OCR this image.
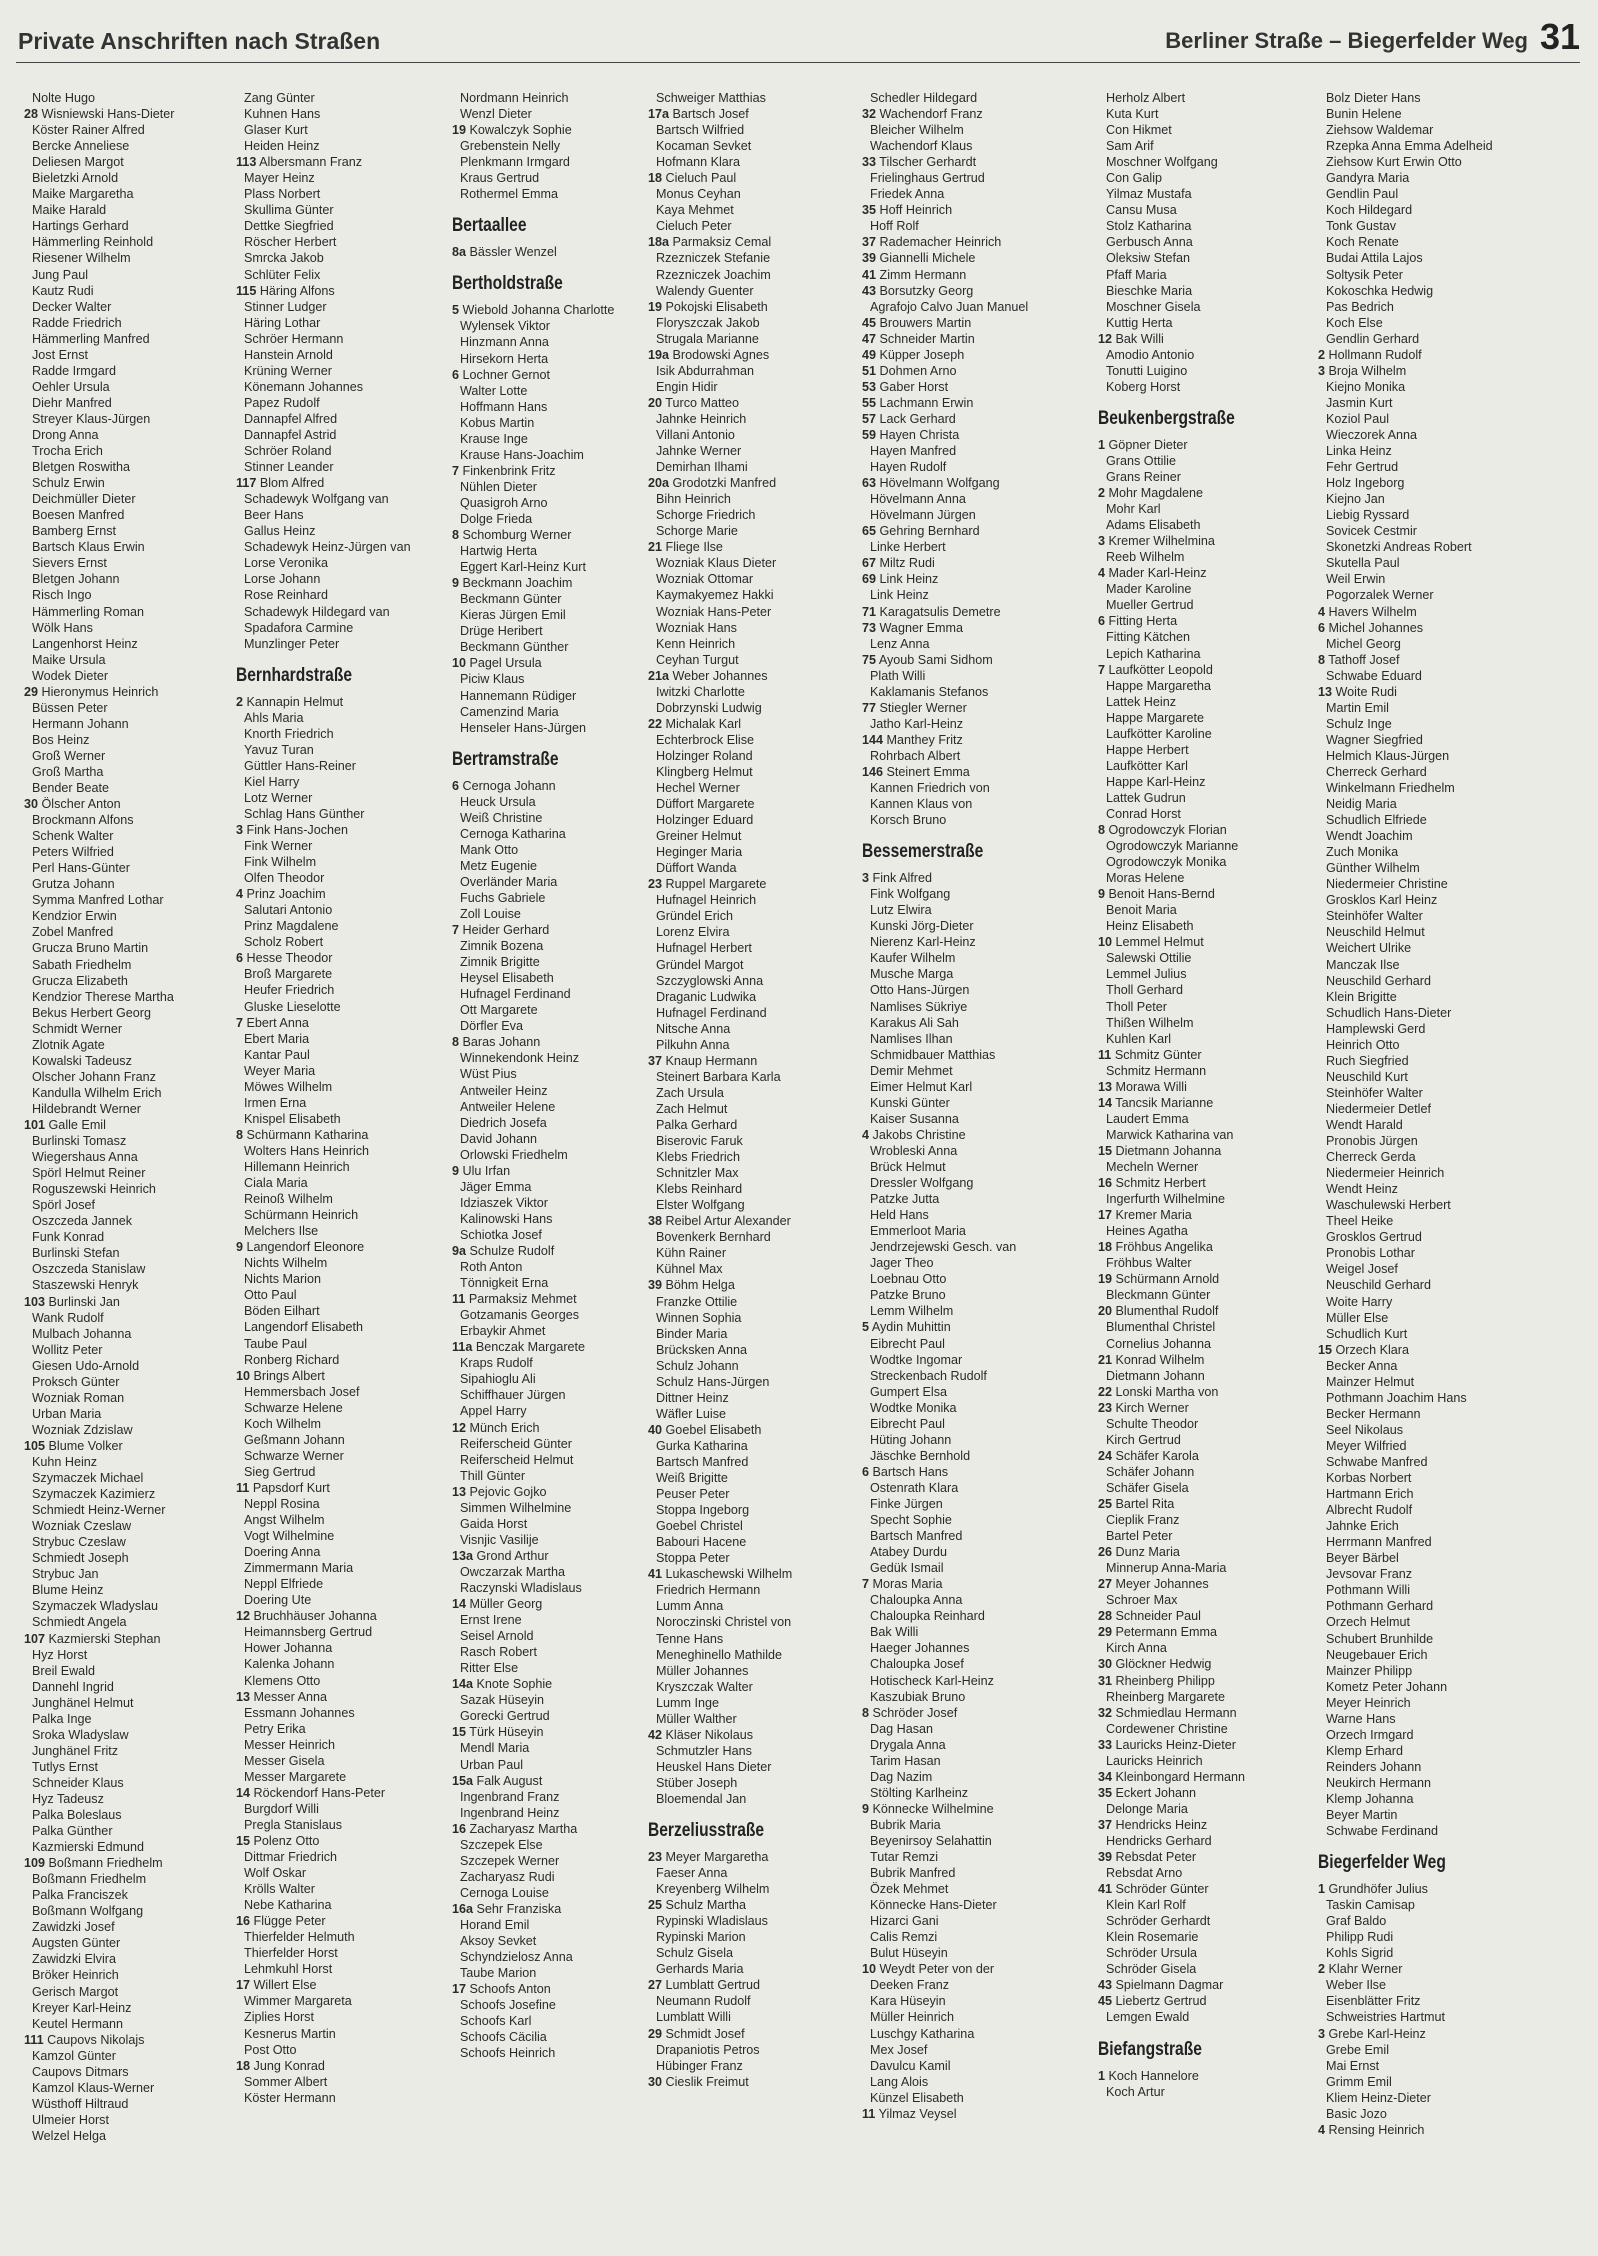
Private Anschriften nach Straßen	Berliner Straße – Biegerfelder Weg 31
Nolte Hugo
28 Wisniewski Hans-Dieter
Köster Rainer Alfred
Bercke Anneliese
Deliesen Margot
Bieletzki Arnold
Maike Margaretha
Maike Harald
Hartings Gerhard
Hämmerling Reinhold
Riesener Wilhelm
Jung Paul
Kautz Rudi
Decker Walter
Radde Friedrich
Hämmerling Manfred
Jost Ernst
Radde Irmgard
Oehler Ursula
Diehr Manfred
Streyer Klaus-Jürgen
Drong Anna
Trocha Erich
Bletgen Roswitha
Schulz Erwin
Deichmüller Dieter
Boesen Manfred
Bamberg Ernst
Bartsch Klaus Erwin
Sievers Ernst
Bletgen Johann
Risch Ingo
Hämmerling Roman
Wölk Hans
Langenhorst Heinz
Maike Ursula
Wodek Dieter
29 Hieronymus Heinrich
Büssen Peter
Hermann Johann
Bos Heinz
Groß Werner
Groß Martha
Bender Beate
30 Ölscher Anton
Brockmann Alfons
Schenk Walter
Peters Wilfried
Perl Hans-Günter
Grutza Johann
Symma Manfred Lothar
Kendzior Erwin
Zobel Manfred
Grucza Bruno Martin
Sabath Friedhelm
Grucza Elizabeth
Kendzior Therese Martha
Bekus Herbert Georg
Schmidt Werner
Zlotnik Agate
Kowalski Tadeusz
Olscher Johann Franz
Kandulla Wilhelm Erich
Hildebrandt Werner
101 Galle Emil
Burlinski Tomasz
Wiegershaus Anna
Spörl Helmut Reiner
Roguszewski Heinrich
Spörl Josef
Oszczeda Jannek
Funk Konrad
Burlinski Stefan
Oszczeda Stanislaw
Staszewski Henryk
103 Burlinski Jan
Wank Rudolf
Mulbach Johanna
Wollitz Peter
Giesen Udo-Arnold
Proksch Günter
Wozniak Roman
Urban Maria
Wozniak Zdzislaw
105 Blume Volker
Kuhn Heinz
Szymaczek Michael
Szymaczek Kazimierz
Schmiedt Heinz-Werner
Wozniak Czeslaw
Strybuc Czeslaw
Schmiedt Joseph
Strybuc Jan
Blume Heinz
Szymaczek Wladyslau
Schmiedt Angela
107 Kazmierski Stephan
Hyz Horst
Breil Ewald
Dannehl Ingrid
Junghänel Helmut
Palka Inge
Sroka Wladyslaw
Junghänel Fritz
Tutlys Ernst
Schneider Klaus
Hyz Tadeusz
Palka Boleslaus
Palka Günther
Kazmierski Edmund
109 Boßmann Friedhelm
Boßmann Friedhelm
Palka Franciszek
Boßmann Wolfgang
Zawidzki Josef
Augsten Günter
Zawidzki Elvira
Bröker Heinrich
Gerisch Margot
Kreyer Karl-Heinz
Keutel Hermann
111 Caupovs Nikolajs
Kamzol Günter
Caupovs Ditmars
Kamzol Klaus-Werner
Wüsthoff Hiltraud
Ulmeier Horst
Welzel Helga
Zang Günter
Kuhnen Hans
Glaser Kurt
Heiden Heinz
113 Albersmann Franz
Mayer Heinz
Plass Norbert
Skullima Günter
Dettke Siegfried
Röscher Herbert
Smrcka Jakob
Schlüter Felix
115 Häring Alfons
Stinner Ludger
Häring Lothar
Schröer Hermann
Hanstein Arnold
Krüning Werner
Könemann Johannes
Papez Rudolf
Dannapfel Alfred
Dannapfel Astrid
Schröer Roland
Stinner Leander
117 Blom Alfred
Schadewyk Wolfgang van
Beer Hans
Gallus Heinz
Schadewyk Heinz-Jürgen van
Lorse Veronika
Lorse Johann
Rose Reinhard
Schadewyk Hildegard van
Spadafora Carmine
Munzlinger Peter
Bernhardstraße
2 Kannapin Helmut
Ahls Maria
Knorth Friedrich
Yavuz Turan
Güttler Hans-Reiner
Kiel Harry
Lotz Werner
Schlag Hans Günther
3 Fink Hans-Jochen
Fink Werner
Fink Wilhelm
Olfen Theodor
4 Prinz Joachim
Salutari Antonio
Prinz Magdalene
Scholz Robert
6 Hesse Theodor
Broß Margarete
Heufer Friedrich
Gluske Lieselotte
7 Ebert Anna
Ebert Maria
Kantar Paul
Weyer Maria
Möwes Wilhelm
Irmen Erna
Knispel Elisabeth
8 Schürmann Katharina
Wolters Hans Heinrich
Hillemann Heinrich
Ciala Maria
Reinoß Wilhelm
Schürmann Heinrich
Melchers Ilse
9 Langendorf Eleonore
Nichts Wilhelm
Nichts Marion
Otto Paul
Böden Eilhart
Langendorf Elisabeth
Taube Paul
Ronberg Richard
10 Brings Albert
Hemmersbach Josef
Schwarze Helene
Koch Wilhelm
Geßmann Johann
Schwarze Werner
Sieg Gertrud
11 Papsdorf Kurt
Neppl Rosina
Angst Wilhelm
Vogt Wilhelmine
Doering Anna
Zimmermann Maria
Neppl Elfriede
Doering Ute
12 Bruchhäuser Johanna
Heimannsberg Gertrud
Hower Johanna
Kalenka Johann
Klemens Otto
13 Messer Anna
Essmann Johannes
Petry Erika
Messer Heinrich
Messer Gisela
Messer Margarete
14 Röckendorf Hans-Peter
Burgdorf Willi
Pregla Stanislaus
15 Polenz Otto
Dittmar Friedrich
Wolf Oskar
Krölls Walter
Nebe Katharina
16 Flügge Peter
Thierfelder Helmuth
Thierfelder Horst
Lehmkuhl Horst
17 Willert Else
Wimmer Margareta
Ziplies Horst
Kesnerus Martin
Post Otto
18 Jung Konrad
Sommer Albert
Köster Hermann
Nordmann Heinrich
Wenzl Dieter
19 Kowalczyk Sophie
Grebenstein Nelly
Plenkmann Irmgard
Kraus Gertrud
Rothermel Emma
Bertaallee
8a Bässler Wenzel
Bertholdstraße
5 Wiebold Johanna Charlotte
Wylensek Viktor
Hinzmann Anna
Hirsekorn Herta
6 Lochner Gernot
Walter Lotte
Hoffmann Hans
Kobus Martin
Krause Inge
Krause Hans-Joachim
7 Finkenbrink Fritz
Nühlen Dieter
Quasigroh Arno
Dolge Frieda
8 Schomburg Werner
Hartwig Herta
Eggert Karl-Heinz Kurt
9 Beckmann Joachim
Beckmann Günter
Kieras Jürgen Emil
Drüge Heribert
Beckmann Günther
10 Pagel Ursula
Piciw Klaus
Hannemann Rüdiger
Camenzind Maria
Henseler Hans-Jürgen
Bertramstraße
6 Cernoga Johann
Heuck Ursula
Weiß Christine
Cernoga Katharina
Mank Otto
Metz Eugenie
Overländer Maria
Fuchs Gabriele
Zoll Louise
7 Heider Gerhard
Zimnik Bozena
Zimnik Brigitte
Heysel Elisabeth
Hufnagel Ferdinand
Ott Margarete
Dörfler Eva
8 Baras Johann
Winnekendonk Heinz
Wüst Pius
Antweiler Heinz
Antweiler Helene
Diedrich Josefa
David Johann
Orlowski Friedhelm
9 Ulu Irfan
Jäger Emma
Idziaszek Viktor
Kalinowski Hans
Schiotka Josef
9a Schulze Rudolf
Roth Anton
Tönnigkeit Erna
11 Parmaksiz Mehmet
Gotzamanis Georges
Erbaykir Ahmet
11a Benczak Margarete
Kraps Rudolf
Sipahioglu Ali
Schiffhauer Jürgen
Appel Harry
12 Münch Erich
Reiferscheid Günter
Reiferscheid Helmut
Thill Günter
13 Pejovic Gojko
Simmen Wilhelmine
Gaida Horst
Visnjic Vasilije
13a Grond Arthur
Owczarzak Martha
Raczynski Wladislaus
14 Müller Georg
Ernst Irene
Seisel Arnold
Rasch Robert
Ritter Else
14a Knote Sophie
Sazak Hüseyin
Gorecki Gertrud
15 Türk Hüseyin
Mendl Maria
Urban Paul
15a Falk August
Ingenbrand Franz
Ingenbrand Heinz
16 Zacharyasz Martha
Szczepek Else
Szczepek Werner
Zacharyasz Rudi
Cernoga Louise
16a Sehr Franziska
Horand Emil
Aksoy Sevket
Schyndzielosz Anna
Taube Marion
17 Schoofs Anton
Schoofs Josefine
Schoofs Karl
Schoofs Cäcilia
Schoofs Heinrich
Schweiger Matthias
17a Bartsch Josef
Bartsch Wilfried
Kocaman Sevket
Hofmann Klara
18 Cieluch Paul
Monus Ceyhan
Kaya Mehmet
Cieluch Peter
18a Parmaksiz Cemal
Rzezniczek Stefanie
Rzezniczek Joachim
Walendy Guenter
19 Pokojski Elisabeth
Floryszczak Jakob
Strugala Marianne
19a Brodowski Agnes
Isik Abdurrahman
Engin Hidir
20 Turco Matteo
Jahnke Heinrich
Villani Antonio
Jahnke Werner
Demirhan Ilhami
20a Grodotzki Manfred
Bihn Heinrich
Schorge Friedrich
Schorge Marie
21 Fliege Ilse
Wozniak Klaus Dieter
Wozniak Ottomar
Kaymakyemez Hakki
Wozniak Hans-Peter
Wozniak Hans
Kenn Heinrich
Ceyhan Turgut
21a Weber Johannes
Iwitzki Charlotte
Dobrzynski Ludwig
22 Michalak Karl
Echterbrock Elise
Holzinger Roland
Klingberg Helmut
Hechel Werner
Düffort Margarete
Holzinger Eduard
Greiner Helmut
Heginger Maria
Düffort Wanda
23 Ruppel Margarete
Hufnagel Heinrich
Gründel Erich
Lorenz Elvira
Hufnagel Herbert
Gründel Margot
Szczyglowski Anna
Draganic Ludwika
Hufnagel Ferdinand
Nitsche Anna
Pilkuhn Anna
37 Knaup Hermann
Steinert Barbara Karla
Zach Ursula
Zach Helmut
Palka Gerhard
Biserovic Faruk
Klebs Friedrich
Schnitzler Max
Klebs Reinhard
Elster Wolfgang
38 Reibel Artur Alexander
Bovenkerk Bernhard
Kühn Rainer
Kühnel Max
39 Böhm Helga
Franzke Ottilie
Winnen Sophia
Binder Maria
Brücksken Anna
Schulz Johann
Schulz Hans-Jürgen
Dittner Heinz
Wäfler Luise
40 Goebel Elisabeth
Gurka Katharina
Bartsch Manfred
Weiß Brigitte
Peuser Peter
Stoppa Ingeborg
Goebel Christel
Babouri Hacene
Stoppa Peter
41 Lukaschewski Wilhelm
Friedrich Hermann
Lumm Anna
Noroczinski Christel von
Tenne Hans
Meneghinello Mathilde
Müller Johannes
Kryszczak Walter
Lumm Inge
Müller Walther
42 Kläser Nikolaus
Schmutzler Hans
Heuskel Hans Dieter
Stüber Joseph
Bloemendal Jan
Berzeliusstraße
23 Meyer Margaretha
Faeser Anna
Kreyenberg Wilhelm
25 Schulz Martha
Rypinski Wladislaus
Rypinski Marion
Schulz Gisela
Gerhards Maria
27 Lumblatt Gertrud
Neumann Rudolf
Lumblatt Willi
29 Schmidt Josef
Drapaniotis Petros
Hübinger Franz
30 Cieslik Freimut
Schedler Hildegard
32 Wachendorf Franz
Bleicher Wilhelm
Wachendorf Klaus
33 Tilscher Gerhardt
Frielinghaus Gertrud
Friedek Anna
35 Hoff Heinrich
Hoff Rolf
37 Rademacher Heinrich
39 Giannelli Michele
41 Zimm Hermann
43 Borsutzky Georg
Agrafojo Calvo Juan Manuel
45 Brouwers Martin
47 Schneider Martin
49 Küpper Joseph
51 Dohmen Arno
53 Gaber Horst
55 Lachmann Erwin
57 Lack Gerhard
59 Hayen Christa
Hayen Manfred
Hayen Rudolf
63 Hövelmann Wolfgang
Hövelmann Anna
Hövelmann Jürgen
65 Gehring Bernhard
Linke Herbert
67 Miltz Rudi
69 Link Heinz
Link Heinz
71 Karagatsulis Demetre
73 Wagner Emma
Lenz Anna
75 Ayoub Sami Sidhom
Plath Willi
Kaklamanis Stefanos
77 Stiegler Werner
Jatho Karl-Heinz
144 Manthey Fritz
Rohrbach Albert
146 Steinert Emma
Kannen Friedrich von
Kannen Klaus von
Korsch Bruno
Bessemerstraße
3 Fink Alfred
Fink Wolfgang
Lutz Elwira
Kunski Jörg-Dieter
Nierenz Karl-Heinz
Kaufer Wilhelm
Musche Marga
Otto Hans-Jürgen
Namlises Sükriye
Karakus Ali Sah
Namlises Ilhan
Schmidbauer Matthias
Demir Mehmet
Eimer Helmut Karl
Kunski Günter
Kaiser Susanna
4 Jakobs Christine
Wrobleski Anna
Brück Helmut
Dressler Wolfgang
Patzke Jutta
Held Hans
Emmerloot Maria
Jendrzejewski Gesch. van
Jager Theo
Loebnau Otto
Patzke Bruno
Lemm Wilhelm
5 Aydin Muhittin
Eibrecht Paul
Wodtke Ingomar
Streckenbach Rudolf
Gumpert Elsa
Wodtke Monika
Eibrecht Paul
Hüting Johann
Jäschke Bernhold
6 Bartsch Hans
Ostenrath Klara
Finke Jürgen
Specht Sophie
Bartsch Manfred
Atabey Durdu
Gedük Ismail
7 Moras Maria
Chaloupka Anna
Chaloupka Reinhard
Bak Willi
Haeger Johannes
Chaloupka Josef
Hotischeck Karl-Heinz
Kaszubiak Bruno
8 Schröder Josef
Dag Hasan
Drygala Anna
Tarim Hasan
Dag Nazim
Stölting Karlheinz
9 Könnecke Wilhelmine
Bubrik Maria
Beyenirsoy Selahattin
Tutar Remzi
Bubrik Manfred
Özek Mehmet
Könnecke Hans-Dieter
Hizarci Gani
Calis Remzi
Bulut Hüseyin
10 Weydt Peter von der
Deeken Franz
Kara Hüseyin
Müller Heinrich
Luschgy Katharina
Mex Josef
Davulcu Kamil
Lang Alois
Künzel Elisabeth
11 Yilmaz Veysel
Herholz Albert
Kuta Kurt
Con Hikmet
Sam Arif
Moschner Wolfgang
Con Galip
Yilmaz Mustafa
Cansu Musa
Stolz Katharina
Gerbusch Anna
Oleksiw Stefan
Pfaff Maria
Bieschke Maria
Moschner Gisela
Kuttig Herta
12 Bak Willi
Amodio Antonio
Tonutti Luigino
Koberg Horst
Beukenbergstraße
1 Göpner Dieter
Grans Ottilie
Grans Reiner
2 Mohr Magdalene
Mohr Karl
Adams Elisabeth
3 Kremer Wilhelmina
Reeb Wilhelm
4 Mader Karl-Heinz
Mader Karoline
Mueller Gertrud
6 Fitting Herta
Fitting Kätchen
Lepich Katharina
7 Laufkötter Leopold
Happe Margaretha
Lattek Heinz
Happe Margarete
Laufkötter Karoline
Happe Herbert
Laufkötter Karl
Happe Karl-Heinz
Lattek Gudrun
Conrad Horst
8 Ogrodowczyk Florian
Ogrodowczyk Marianne
Ogrodowczyk Monika
Moras Helene
9 Benoit Hans-Bernd
Benoit Maria
Heinz Elisabeth
10 Lemmel Helmut
Salewski Ottilie
Lemmel Julius
Tholl Gerhard
Tholl Peter
Thißen Wilhelm
Kuhlen Karl
11 Schmitz Günter
Schmitz Hermann
13 Morawa Willi
14 Tancsik Marianne
Laudert Emma
Marwick Katharina van
15 Dietmann Johanna
Mecheln Werner
16 Schmitz Herbert
Ingerfurth Wilhelmine
17 Kremer Maria
Heines Agatha
18 Fröhbus Angelika
Fröhbus Walter
19 Schürmann Arnold
Bleckmann Günter
20 Blumenthal Rudolf
Blumenthal Christel
Cornelius Johanna
21 Konrad Wilhelm
Dietmann Johann
22 Lonski Martha von
23 Kirch Werner
Schulte Theodor
Kirch Gertrud
24 Schäfer Karola
Schäfer Johann
Schäfer Gisela
25 Bartel Rita
Cieplik Franz
Bartel Peter
26 Dunz Maria
Minnerup Anna-Maria
27 Meyer Johannes
Schroer Max
28 Schneider Paul
29 Petermann Emma
Kirch Anna
30 Glöckner Hedwig
31 Rheinberg Philipp
Rheinberg Margarete
32 Schmiedlau Hermann
Cordewener Christine
33 Lauricks Heinz-Dieter
Lauricks Heinrich
34 Kleinbongard Hermann
35 Eckert Johann
Delonge Maria
37 Hendricks Heinz
Hendricks Gerhard
39 Rebsdat Peter
Rebsdat Arno
41 Schröder Günter
Klein Karl Rolf
Schröder Gerhardt
Klein Rosemarie
Schröder Ursula
Schröder Gisela
43 Spielmann Dagmar
45 Liebertz Gertrud
Lemgen Ewald
Biefangstraße
1 Koch Hannelore
Koch Artur
Bolz Dieter Hans
Bunin Helene
Ziehsow Waldemar
Rzepka Anna Emma Adelheid
Ziehsow Kurt Erwin Otto
Gandyra Maria
Gendlin Paul
Koch Hildegard
Tonk Gustav
Koch Renate
Budai Attila Lajos
Soltysik Peter
Kokoschka Hedwig
Pas Bedrich
Koch Else
Gendlin Gerhard
2 Hollmann Rudolf
3 Broja Wilhelm
Kiejno Monika
Jasmin Kurt
Koziol Paul
Wieczorek Anna
Linka Heinz
Fehr Gertrud
Holz Ingeborg
Kiejno Jan
Liebig Ryssard
Sovicek Cestmir
Skonetzki Andreas Robert
Skutella Paul
Weil Erwin
Pogorzalek Werner
4 Havers Wilhelm
6 Michel Johannes
Michel Georg
8 Tathoff Josef
Schwabe Eduard
13 Woite Rudi
Martin Emil
Schulz Inge
Wagner Siegfried
Helmich Klaus-Jürgen
Cherreck Gerhard
Winkelmann Friedhelm
Neidig Maria
Schudlich Elfriede
Wendt Joachim
Zuch Monika
Günther Wilhelm
Niedermeier Christine
Grosklos Karl Heinz
Steinhöfer Walter
Neuschild Helmut
Weichert Ulrike
Manczak Ilse
Neuschild Gerhard
Klein Brigitte
Schudlich Hans-Dieter
Hamplewski Gerd
Heinrich Otto
Ruch Siegfried
Neuschild Kurt
Steinhöfer Walter
Niedermeier Detlef
Wendt Harald
Pronobis Jürgen
Cherreck Gerda
Niedermeier Heinrich
Wendt Heinz
Waschulewski Herbert
Theel Heike
Grosklos Gertrud
Pronobis Lothar
Weigel Josef
Neuschild Gerhard
Woite Harry
Müller Else
Schudlich Kurt
15 Orzech Klara
Becker Anna
Mainzer Helmut
Pothmann Joachim Hans
Becker Hermann
Seel Nikolaus
Meyer Wilfried
Schwabe Manfred
Korbas Norbert
Hartmann Erich
Albrecht Rudolf
Jahnke Erich
Herrmann Manfred
Beyer Bärbel
Jevsovar Franz
Pothmann Willi
Pothmann Gerhard
Orzech Helmut
Schubert Brunhilde
Neugebauer Erich
Mainzer Philipp
Kometz Peter Johann
Meyer Heinrich
Warne Hans
Orzech Irmgard
Klemp Erhard
Reinders Johann
Neukirch Hermann
Klemp Johanna
Beyer Martin
Schwabe Ferdinand
Biegerfelder Weg
1 Grundhöfer Julius
Taskin Camisap
Graf Baldo
Philipp Rudi
Kohls Sigrid
2 Klahr Werner
Weber Ilse
Eisenblätter Fritz
Schweistries Hartmut
3 Grebe Karl-Heinz
Grebe Emil
Mai Ernst
Grimm Emil
Kliem Heinz-Dieter
Basic Jozo
4 Rensing Heinrich
